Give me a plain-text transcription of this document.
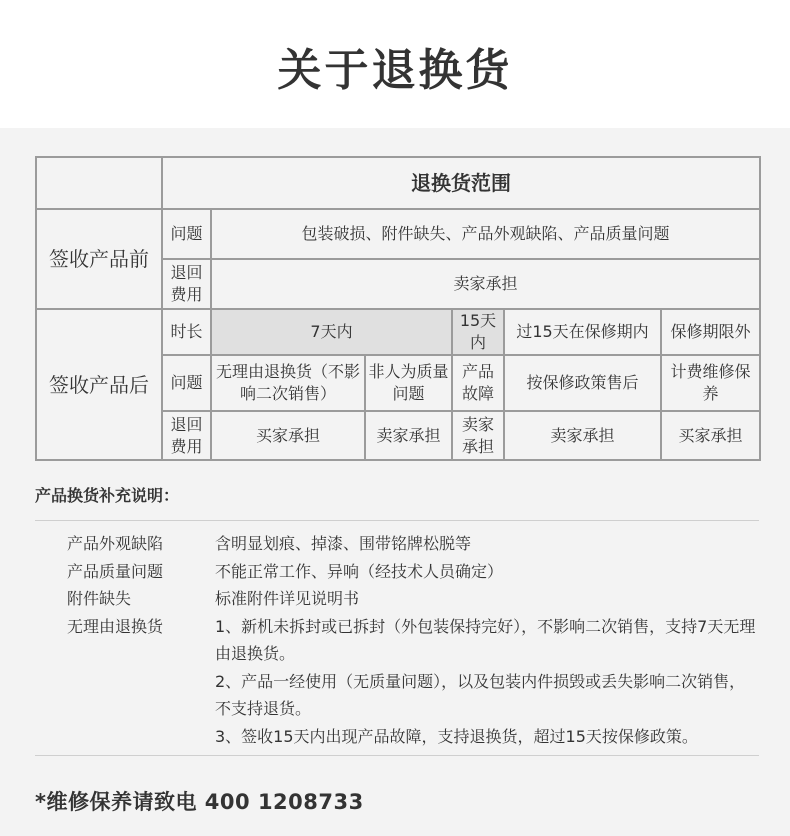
关于退换货
	退换货范围					
签收产品前	问题	包装破损、附件缺失、产品外观缺陷、产品质量问题				
	退回费用	卖家承担				
签收产品后	时长	7天内		15天内	过15天在保修期内	保修期限外
	问题	无理由退换货（不影响二次销售）	非人为质量问题	产品故障	按保修政策售后	计费维修保养
	退回费用	买家承担	卖家承担	卖家承担	卖家承担	买家承担
产品换货补充说明：
产品外观缺陷	含明显划痕、掉漆、围带铭牌松脱等
产品质量问题	不能正常工作、异响（经技术人员确定）
附件缺失	标准附件详见说明书
无理由退换货	1、新机未拆封或已拆封（外包装保持完好），不影响二次销售，支持7天无理由退换货。
2、产品一经使用（无质量问题），以及包装内件损毁或丢失影响二次销售，不支持退货。
3、签收15天内出现产品故障，支持退换货，超过15天按保修政策。
*维修保养请致电 400 1208733
